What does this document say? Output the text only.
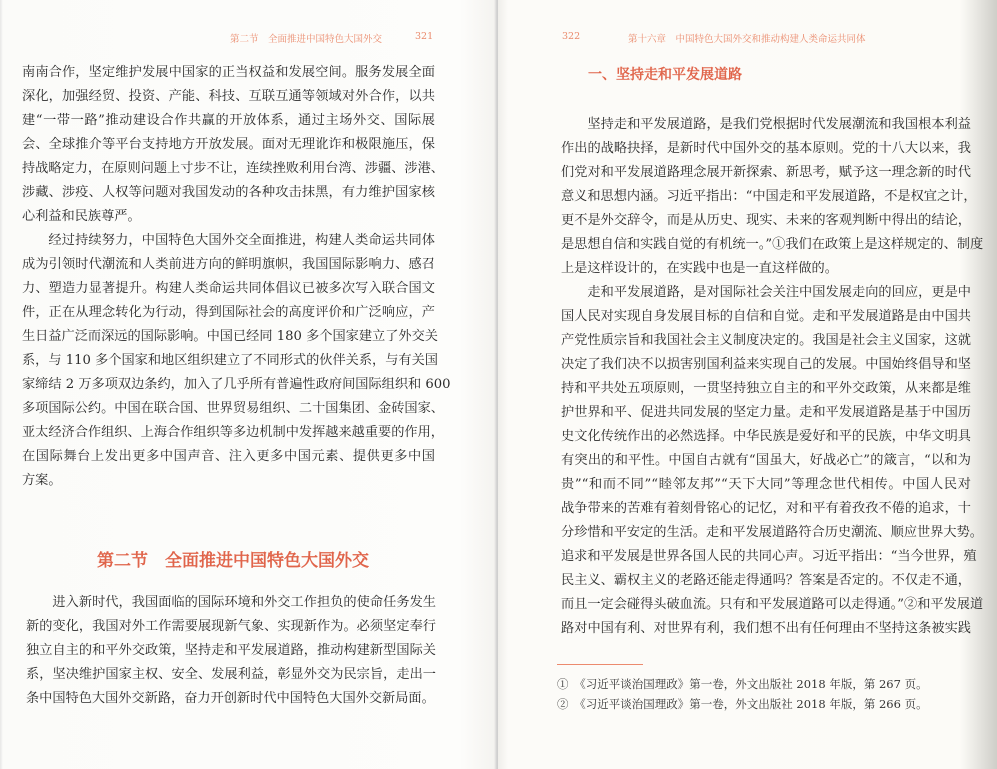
第二节　全面推进中国特色大国外交	321
南南合作，坚定维护发展中国家的正当权益和发展空间。服务发展全面
深化，加强经贸、投资、产能、科技、互联互通等领域对外合作，以共
建“一带一路”推动建设合作共赢的开放体系，通过主场外交、国际展
会、全球推介等平台支持地方开放发展。面对无理讹诈和极限施压，保
持战略定力，在原则问题上寸步不让，连续挫败利用台湾、涉疆、涉港、
涉藏、涉疫、人权等问题对我国发动的各种攻击抹黑，有力维护国家核
心利益和民族尊严。
经过持续努力，中国特色大国外交全面推进，构建人类命运共同体
成为引领时代潮流和人类前进方向的鲜明旗帜，我国国际影响力、感召
力、塑造力显著提升。构建人类命运共同体倡议已被多次写入联合国文
件，正在从理念转化为行动，得到国际社会的高度评价和广泛响应，产
生日益广泛而深远的国际影响。中国已经同 180 多个国家建立了外交关
系，与 110 多个国家和地区组织建立了不同形式的伙伴关系，与有关国
家缔结 2 万多项双边条约，加入了几乎所有普遍性政府间国际组织和 600
多项国际公约。中国在联合国、世界贸易组织、二十国集团、金砖国家、
亚太经济合作组织、上海合作组织等多边机制中发挥越来越重要的作用，
在国际舞台上发出更多中国声音、注入更多中国元素、提供更多中国
方案。
第二节　全面推进中国特色大国外交
进入新时代，我国面临的国际环境和外交工作担负的使命任务发生
新的变化，我国对外工作需要展现新气象、实现新作为。必须坚定奉行
独立自主的和平外交政策，坚持走和平发展道路，推动构建新型国际关
系，坚决维护国家主权、安全、发展利益，彰显外交为民宗旨，走出一
条中国特色大国外交新路，奋力开创新时代中国特色大国外交新局面。
322	第十六章　中国特色大国外交和推动构建人类命运共同体
一、坚持走和平发展道路
坚持走和平发展道路，是我们党根据时代发展潮流和我国根本利益
作出的战略抉择，是新时代中国外交的基本原则。党的十八大以来，我
们党对和平发展道路理念展开新探索、新思考，赋予这一理念新的时代
意义和思想内涵。习近平指出：“中国走和平发展道路，不是权宜之计，
更不是外交辞令，而是从历史、现实、未来的客观判断中得出的结论，
是思想自信和实践自觉的有机统一。”①我们在政策上是这样规定的、制度
上是这样设计的，在实践中也是一直这样做的。
走和平发展道路，是对国际社会关注中国发展走向的回应，更是中
国人民对实现自身发展目标的自信和自觉。走和平发展道路是由中国共
产党性质宗旨和我国社会主义制度决定的。我国是社会主义国家，这就
决定了我们决不以损害别国利益来实现自己的发展。中国始终倡导和坚
持和平共处五项原则，一贯坚持独立自主的和平外交政策，从来都是维
护世界和平、促进共同发展的坚定力量。走和平发展道路是基于中国历
史文化传统作出的必然选择。中华民族是爱好和平的民族，中华文明具
有突出的和平性。中国自古就有“国虽大，好战必亡”的箴言，“以和为
贵”“和而不同”“睦邻友邦”“天下大同”等理念世代相传。中国人民对
战争带来的苦难有着刻骨铭心的记忆，对和平有着孜孜不倦的追求，十
分珍惜和平安定的生活。走和平发展道路符合历史潮流、顺应世界大势。
追求和平发展是世界各国人民的共同心声。习近平指出：“当今世界，殖
民主义、霸权主义的老路还能走得通吗？答案是否定的。不仅走不通，
而且一定会碰得头破血流。只有和平发展道路可以走得通。”②和平发展道
路对中国有利、对世界有利，我们想不出有任何理由不坚持这条被实践
①　《习近平谈治国理政》第一卷，外文出版社 2018 年版，第 267 页。
②　《习近平谈治国理政》第一卷，外文出版社 2018 年版，第 266 页。
